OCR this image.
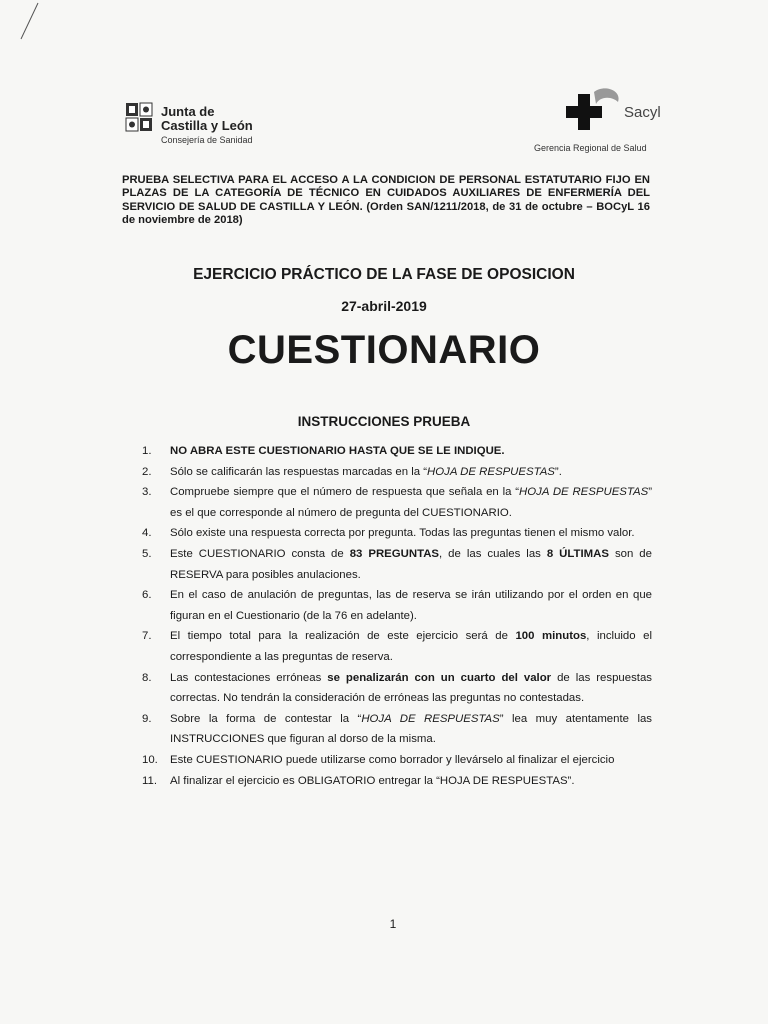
Junta de
Castilla y León
Consejería de Sanidad
Sacyl
Gerencia Regional de Salud

PRUEBA SELECTIVA PARA EL ACCESO A LA CONDICION DE PERSONAL ESTATUTARIO FIJO EN PLAZAS DE LA CATEGORÍA DE TÉCNICO EN CUIDADOS AUXILIARES DE ENFERMERÍA DEL SERVICIO DE SALUD DE CASTILLA Y LEÓN. (Orden SAN/1211/2018, de 31 de octubre – BOCyL 16 de noviembre de 2018)

EJERCICIO PRÁCTICO DE LA FASE DE OPOSICION
27-abril-2019
CUESTIONARIO
INSTRUCCIONES PRUEBA
1.	NO ABRA ESTE CUESTIONARIO HASTA QUE SE LE INDIQUE.
2.	Sólo se calificarán las respuestas marcadas en la “HOJA DE RESPUESTAS”.
3.	Compruebe siempre que el número de respuesta que señala en la “HOJA DE RESPUESTAS” es el que corresponde al número de pregunta del CUESTIONARIO.
4.	Sólo existe una respuesta correcta por pregunta. Todas las preguntas tienen el mismo valor.
5.	Este CUESTIONARIO consta de 83 PREGUNTAS, de las cuales las 8 ÚLTIMAS son de RESERVA para posibles anulaciones.
6.	En el caso de anulación de preguntas, las de reserva se irán utilizando por el orden en que figuran en el Cuestionario (de la 76 en adelante).
7.	El tiempo total para la realización de este ejercicio será de 100 minutos, incluido el correspondiente a las preguntas de reserva.
8.	Las contestaciones erróneas se penalizarán con un cuarto del valor de las respuestas correctas. No tendrán la consideración de erróneas las preguntas no contestadas.
9.	Sobre la forma de contestar la “HOJA DE RESPUESTAS” lea muy atentamente las INSTRUCCIONES que figuran al dorso de la misma.
10.	Este CUESTIONARIO puede utilizarse como borrador y llevárselo al finalizar el ejercicio
11.	Al finalizar el ejercicio es OBLIGATORIO entregar la “HOJA DE RESPUESTAS”.
1
